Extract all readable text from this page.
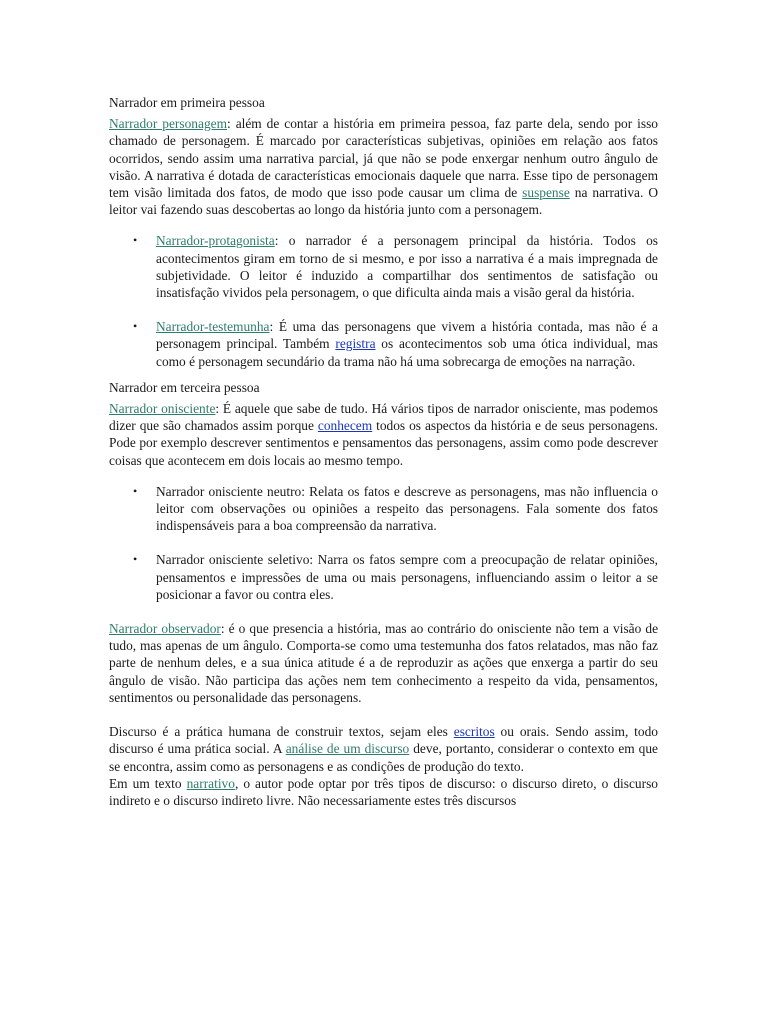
Narrador em primeira pessoa

Narrador personagem: além de contar a história em primeira pessoa, faz parte dela, sendo por isso chamado de personagem. É marcado por características subjetivas, opiniões em relação aos fatos ocorridos, sendo assim uma narrativa parcial, já que não se pode enxergar nenhum outro ângulo de visão. A narrativa é dotada de características emocionais daquele que narra. Esse tipo de personagem tem visão limitada dos fatos, de modo que isso pode causar um clima de suspense na narrativa. O leitor vai fazendo suas descobertas ao longo da história junto com a personagem.

• Narrador-protagonista: o narrador é a personagem principal da história. Todos os acontecimentos giram em torno de si mesmo, e por isso a narrativa é a mais impregnada de subjetividade. O leitor é induzido a compartilhar dos sentimentos de satisfação ou insatisfação vividos pela personagem, o que dificulta ainda mais a visão geral da história.
• Narrador-testemunha: É uma das personagens que vivem a história contada, mas não é a personagem principal. Também registra os acontecimentos sob uma ótica individual, mas como é personagem secundário da trama não há uma sobrecarga de emoções na narração.

Narrador em terceira pessoa

Narrador onisciente: É aquele que sabe de tudo. Há vários tipos de narrador onisciente, mas podemos dizer que são chamados assim porque conhecem todos os aspectos da história e de seus personagens. Pode por exemplo descrever sentimentos e pensamentos das personagens, assim como pode descrever coisas que acontecem em dois locais ao mesmo tempo.

• Narrador onisciente neutro: Relata os fatos e descreve as personagens, mas não influencia o leitor com observações ou opiniões a respeito das personagens. Fala somente dos fatos indispensáveis para a boa compreensão da narrativa.
• Narrador onisciente seletivo: Narra os fatos sempre com a preocupação de relatar opiniões, pensamentos e impressões de uma ou mais personagens, influenciando assim o leitor a se posicionar a favor ou contra eles.

Narrador observador: é o que presencia a história, mas ao contrário do onisciente não tem a visão de tudo, mas apenas de um ângulo. Comporta-se como uma testemunha dos fatos relatados, mas não faz parte de nenhum deles, e a sua única atitude é a de reproduzir as ações que enxerga a partir do seu ângulo de visão. Não participa das ações nem tem conhecimento a respeito da vida, pensamentos, sentimentos ou personalidade das personagens.

Discurso é a prática humana de construir textos, sejam eles escritos ou orais. Sendo assim, todo discurso é uma prática social. A análise de um discurso deve, portanto, considerar o contexto em que se encontra, assim como as personagens e as condições de produção do texto.

Em um texto narrativo, o autor pode optar por três tipos de discurso: o discurso direto, o discurso indireto e o discurso indireto livre. Não necessariamente estes três discursos
